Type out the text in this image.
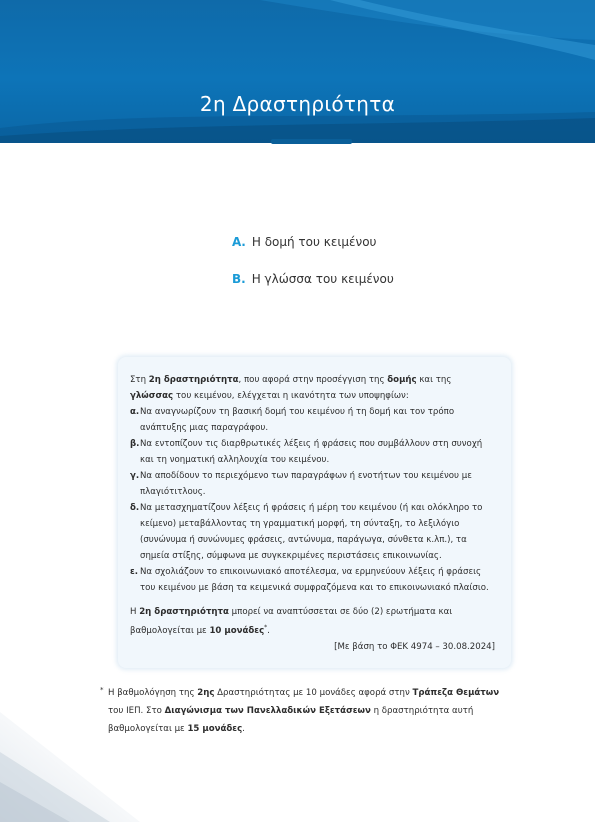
2η Δραστηριότητα
Α. Η δομή του κειμένου
Β. Η γλώσσα του κειμένου
Στη 2η δραστηριότητα, που αφορά στην προσέγγιση της δομής και της γλώσσας του κειμένου, ελέγχεται η ικανότητα των υποψηφίων:
α. Να αναγνωρίζουν τη βασική δομή του κειμένου ή τη δομή και τον τρόπο ανάπτυξης μιας παραγράφου.
β. Να εντοπίζουν τις διαρθρωτικές λέξεις ή φράσεις που συμβάλλουν στη συνοχή και τη νοηματική αλληλουχία του κειμένου.
γ. Να αποδίδουν το περιεχόμενο των παραγράφων ή ενοτήτων του κειμένου με πλαγιότιτλους.
δ. Να μετασχηματίζουν λέξεις ή φράσεις ή μέρη του κειμένου (ή και ολόκληρο το κείμενο) μεταβάλλοντας τη γραμματική μορφή, τη σύνταξη, το λεξιλόγιο (συνώνυμα ή συνώνυμες φράσεις, αντώνυμα, παράγωγα, σύνθετα κ.λπ.), τα σημεία στίξης, σύμφωνα με συγκεκριμένες περιστάσεις επικοινωνίας.
ε. Να σχολιάζουν το επικοινωνιακό αποτέλεσμα, να ερμηνεύουν λέξεις ή φράσεις του κειμένου με βάση τα κειμενικά συμφραζόμενα και το επικοινωνιακό πλαίσιο.
Η 2η δραστηριότητα μπορεί να αναπτύσσεται σε δύο (2) ερωτήματα και βαθμολογείται με 10 μονάδες*.
[Με βάση το ΦΕΚ 4974 – 30.08.2024]
* Η βαθμολόγηση της 2ης Δραστηριότητας με 10 μονάδες αφορά στην Τράπεζα Θεμάτων του ΙΕΠ. Στο Διαγώνισμα των Πανελλαδικών Εξετάσεων η δραστηριότητα αυτή βαθμολογείται με 15 μονάδες.
